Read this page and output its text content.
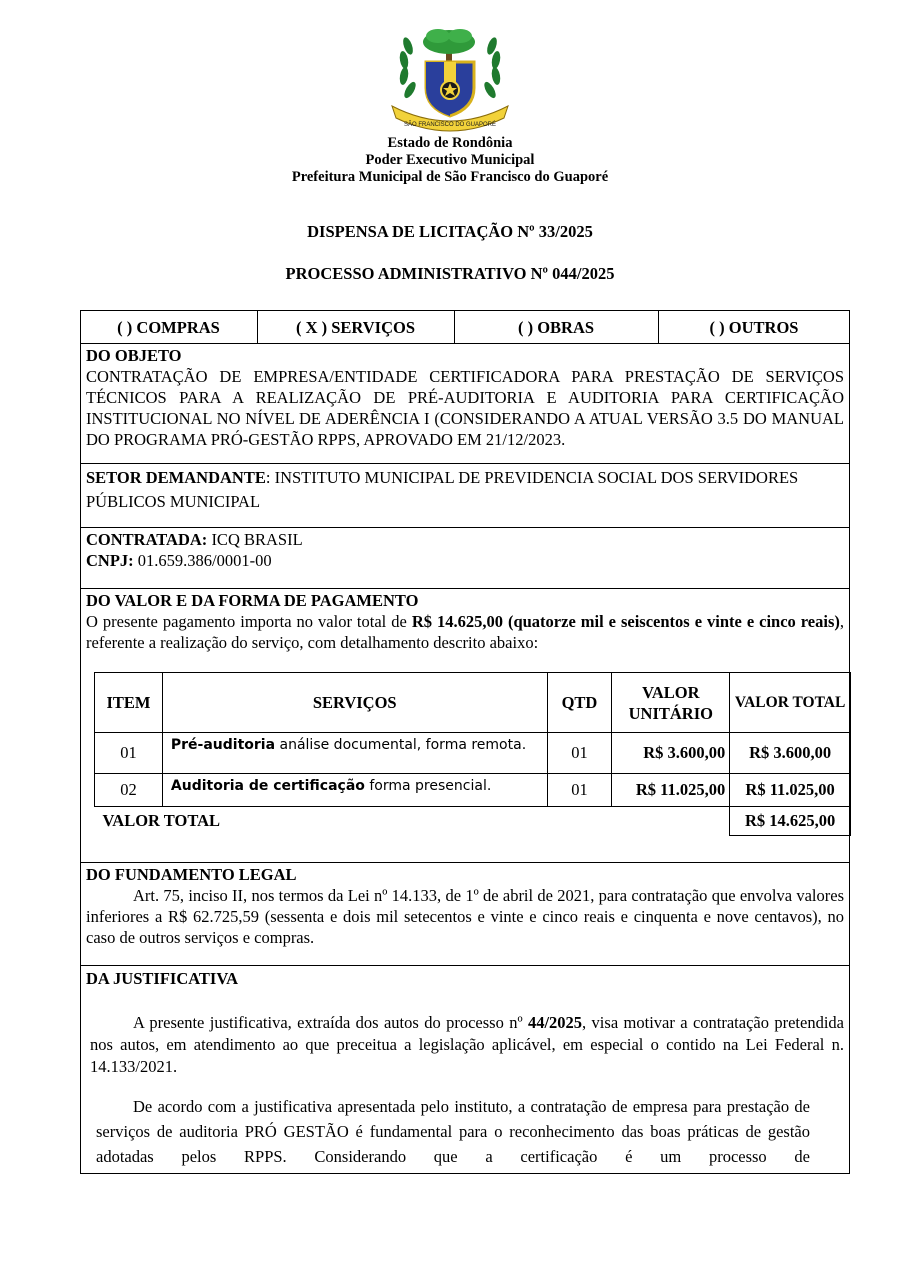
SÃO FRANCISCO DO GUAPORÉ
Estado de Rondônia
Poder Executivo Municipal
Prefeitura Municipal de São Francisco do Guaporé
DISPENSA DE LICITAÇÃO Nº 33/2025
PROCESSO ADMINISTRATIVO Nº 044/2025
( ) COMPRAS	( X ) SERVIÇOS	( ) OBRAS	( ) OUTROS
DO OBJETO
CONTRATAÇÃO DE EMPRESA/ENTIDADE CERTIFICADORA PARA PRESTAÇÃO DE SERVIÇOS TÉCNICOS PARA A REALIZAÇÃO DE PRÉ-AUDITORIA E AUDITORIA PARA CERTIFICAÇÃO INSTITUCIONAL NO NÍVEL DE ADERÊNCIA I (CONSIDERANDO A ATUAL VERSÃO 3.5 DO MANUAL DO PROGRAMA PRÓ-GESTÃO RPPS, APROVADO EM 21/12/2023.
SETOR DEMANDANTE: INSTITUTO MUNICIPAL DE PREVIDENCIA SOCIAL DOS SERVIDORES PÚBLICOS MUNICIPAL
CONTRATADA: ICQ BRASIL
CNPJ: 01.659.386/0001-00
DO VALOR E DA FORMA DE PAGAMENTO
O presente pagamento importa no valor total de R$ 14.625,00 (quatorze mil e seiscentos e vinte e cinco reais), referente a realização do serviço, com detalhamento descrito abaixo:
ITEM	SERVIÇOS	QTD	VALOR UNITÁRIO	VALOR TOTAL
01	Pré-auditoria análise documental, forma remota.	01	R$ 3.600,00	R$ 3.600,00
02	Auditoria de certificação forma presencial.	01	R$ 11.025,00	R$ 11.025,00
VALOR TOTAL				R$ 14.625,00
DO FUNDAMENTO LEGAL
Art. 75, inciso II, nos termos da Lei nº 14.133, de 1º de abril de 2021, para contratação que envolva valores inferiores a R$ 62.725,59 (sessenta e dois mil setecentos e vinte e cinco reais e cinquenta e nove centavos), no caso de outros serviços e compras.
DA JUSTIFICATIVA
A presente justificativa, extraída dos autos do processo nº 44/2025, visa motivar a contratação pretendida nos autos, em atendimento ao que preceitua a legislação aplicável, em especial o contido na Lei Federal n. 14.133/2021.
De acordo com a justificativa apresentada pelo instituto, a contratação de empresa para prestação de serviços de auditoria PRÓ GESTÃO é fundamental para o reconhecimento das boas práticas de gestão adotadas pelos RPPS. Considerando que a certificação é um processo de
